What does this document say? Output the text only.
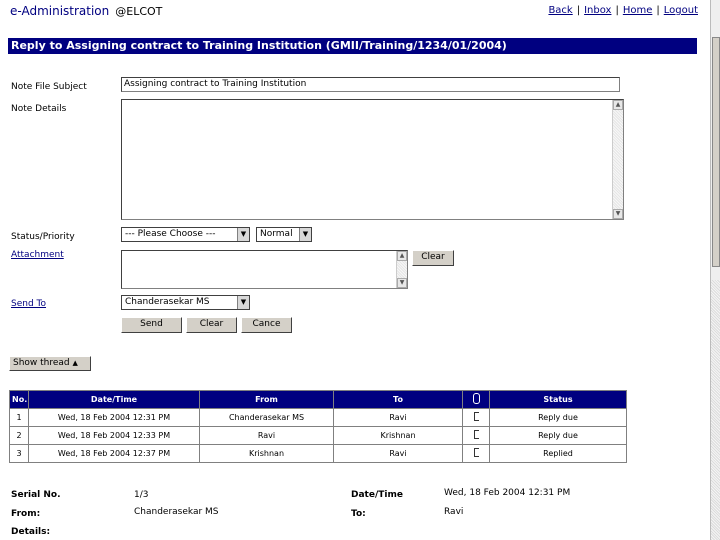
e-Administration @ELCOT	Back | Inbox | Home | Logout
Reply to Assigning contract to Training Institution (GMII/Training/1234/01/2004)
Note File Subject	Assigning contract to Training Institution
Note Details	▲
▼
Status/Priority	--- Please Choose ---	▼	Normal	▼
Attachment	▲
▼
Clear
Send To	Chanderasekar MS	▼
Send	Clear	Cance
Show thread ▲
No.	Date/Time	From	To		Status
1	Wed, 18 Feb 2004 12:31 PM	Chanderasekar MS	Ravi		Reply due
2	Wed, 18 Feb 2004 12:33 PM	Ravi	Krishnan		Reply due
3	Wed, 18 Feb 2004 12:37 PM	Krishnan	Ravi		Replied
Serial No.	1/3	Date/Time	Wed, 18 Feb 2004 12:31 PM
From:	Chanderasekar MS	To:	Ravi
Details:
